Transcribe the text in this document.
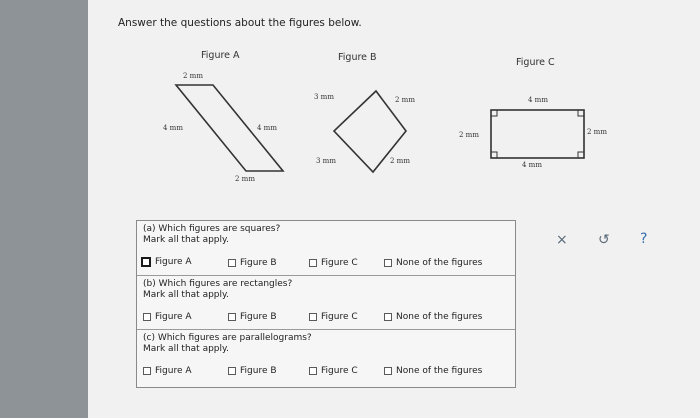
Answer the questions about the figures below.
Figure A	Figure B	Figure C
2 mm
4 mm	4 mm
2 mm
3 mm	2 mm
3 mm	2 mm
4 mm
2 mm	2 mm
4 mm
(a) Which figures are squares?
Mark all that apply.
Figure A	Figure B	Figure C	None of the figures
(b) Which figures are rectangles?
Mark all that apply.
Figure A	Figure B	Figure C	None of the figures
(c) Which figures are parallelograms?
Mark all that apply.
Figure A	Figure B	Figure C	None of the figures
× ↺ ?
